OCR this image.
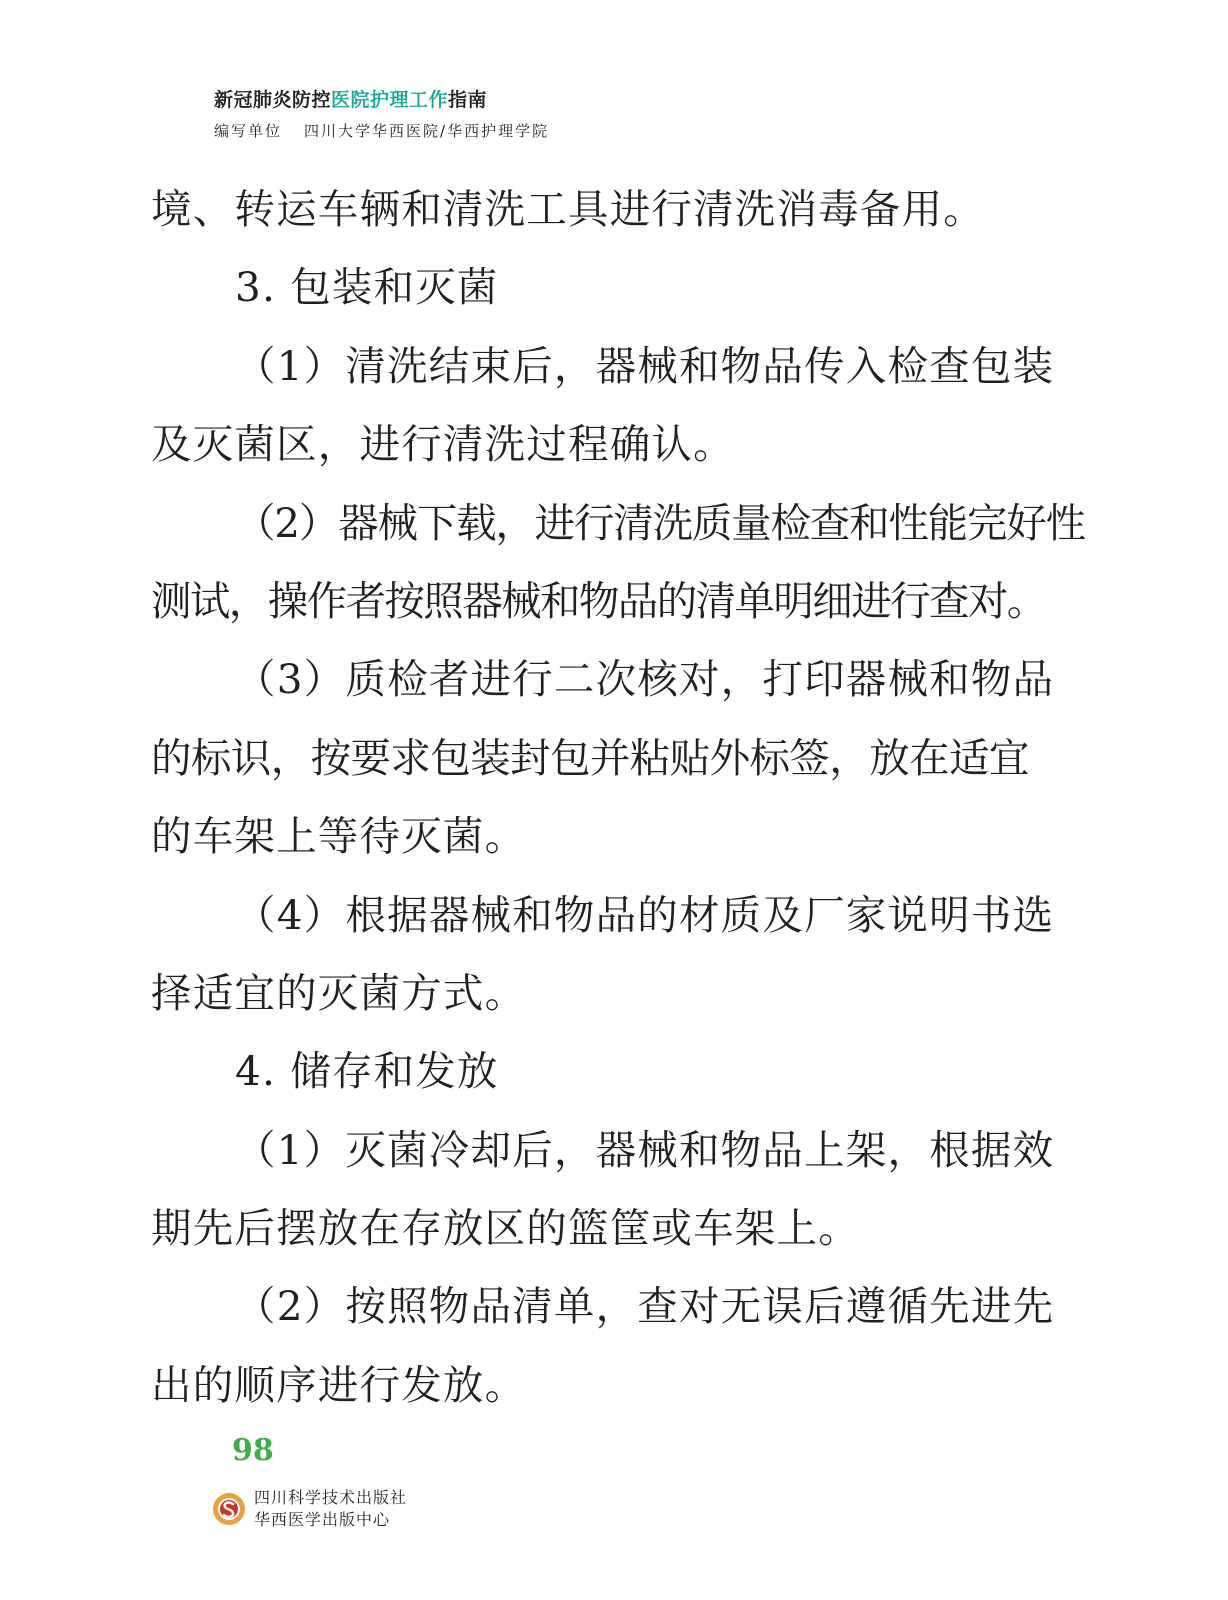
新冠肺炎防控医院护理工作指南
编写单位 四川大学华西医院/华西护理学院
境、转运车辆和清洗工具进行清洗消毒备用。
3. 包装和灭菌
（1）清洗结束后，器械和物品传入检查包装
及灭菌区，进行清洗过程确认。
（2）器械下载，进行清洗质量检查和性能完好性
测试，操作者按照器械和物品的清单明细进行查对。
（3）质检者进行二次核对，打印器械和物品
的标识，按要求包装封包并粘贴外标签，放在适宜
的车架上等待灭菌。
（4）根据器械和物品的材质及厂家说明书选
择适宜的灭菌方式。
4. 储存和发放
（1）灭菌冷却后，器械和物品上架，根据效
期先后摆放在存放区的篮筐或车架上。
（2）按照物品清单，查对无误后遵循先进先
出的顺序进行发放。
98
四川科学技术出版社
华西医学出版中心
